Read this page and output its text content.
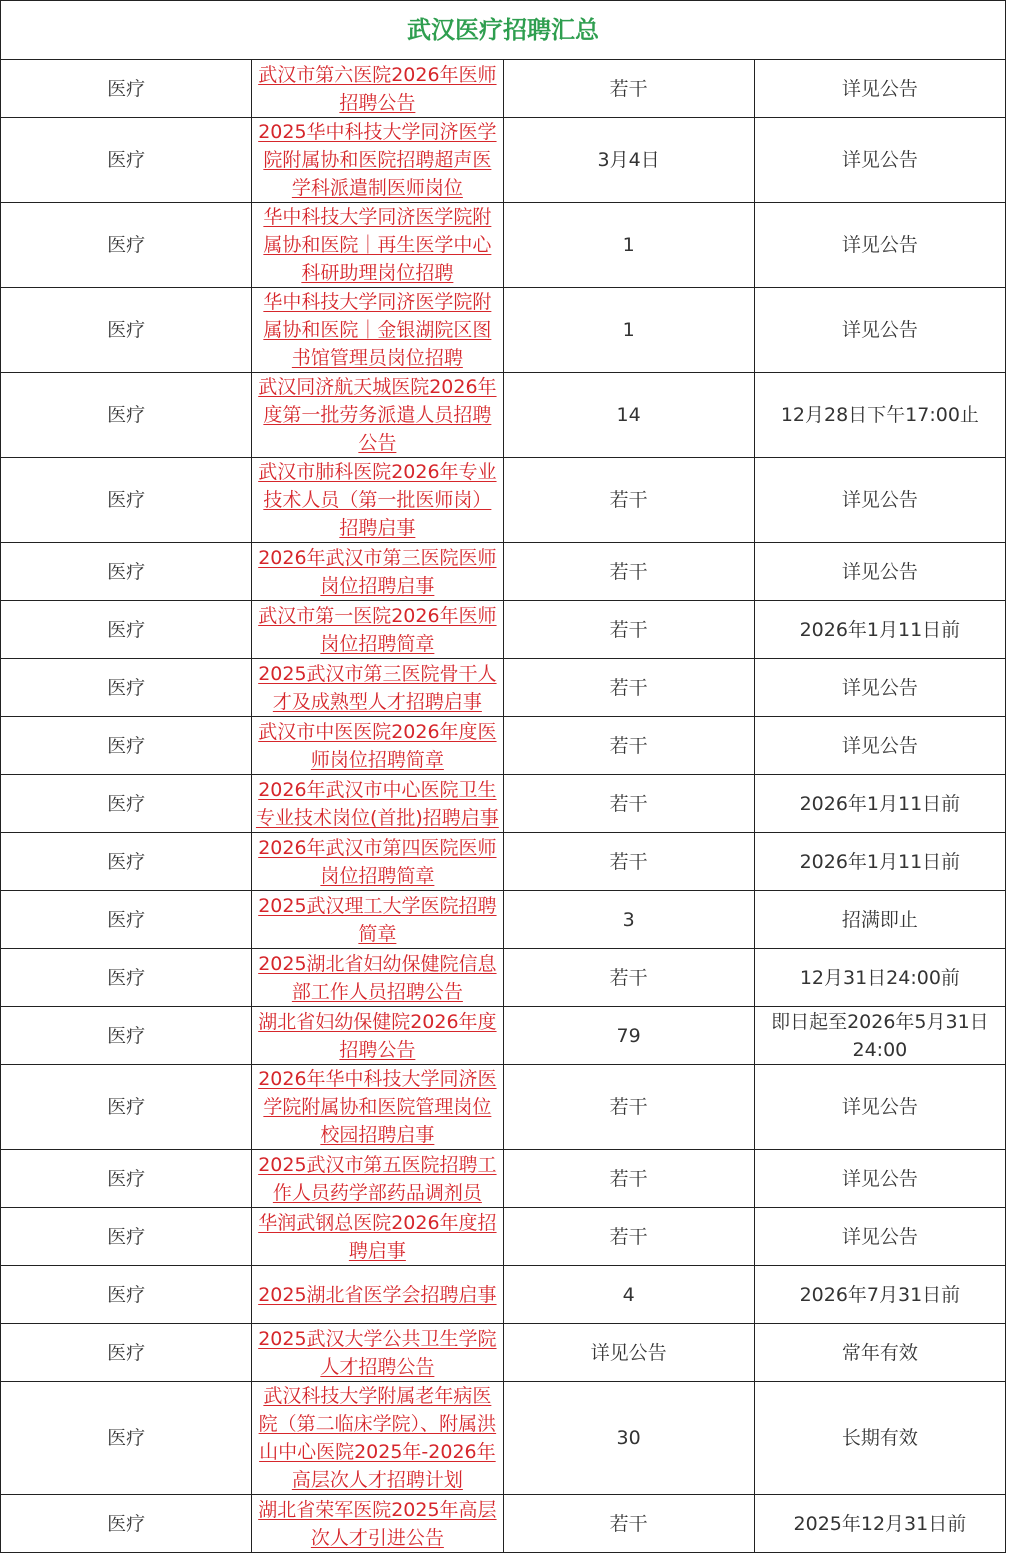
武汉医疗招聘汇总			
医疗	武汉市第六医院2026年医师招聘公告	若干	详见公告
医疗	2025华中科技大学同济医学院附属协和医院招聘超声医学科派遣制医师岗位	3月4日	详见公告
医疗	华中科技大学同济医学院附属协和医院｜再生医学中心科研助理岗位招聘	1	详见公告
医疗	华中科技大学同济医学院附属协和医院｜金银湖院区图书馆管理员岗位招聘	1	详见公告
医疗	武汉同济航天城医院2026年度第一批劳务派遣人员招聘公告	14	12月28日下午17:00止
医疗	武汉市肺科医院2026年专业技术人员（第一批医师岗）招聘启事	若干	详见公告
医疗	2026年武汉市第三医院医师岗位招聘启事	若干	详见公告
医疗	武汉市第一医院2026年医师岗位招聘简章	若干	2026年1月11日前
医疗	2025武汉市第三医院骨干人才及成熟型人才招聘启事	若干	详见公告
医疗	武汉市中医医院2026年度医师岗位招聘简章	若干	详见公告
医疗	2026年武汉市中心医院卫生专业技术岗位(首批)招聘启事	若干	2026年1月11日前
医疗	2026年武汉市第四医院医师岗位招聘简章	若干	2026年1月11日前
医疗	2025武汉理工大学医院招聘简章	3	招满即止
医疗	2025湖北省妇幼保健院信息部工作人员招聘公告	若干	12月31日24:00前
医疗	湖北省妇幼保健院2026年度招聘公告	79	即日起至2026年5月31日24:00
医疗	2026年华中科技大学同济医学院附属协和医院管理岗位校园招聘启事	若干	详见公告
医疗	2025武汉市第五医院招聘工作人员药学部药品调剂员	若干	详见公告
医疗	华润武钢总医院2026年度招聘启事	若干	详见公告
医疗	2025湖北省医学会招聘启事	4	2026年7月31日前
医疗	2025武汉大学公共卫生学院人才招聘公告	详见公告	常年有效
医疗	武汉科技大学附属老年病医院（第二临床学院）、附属洪山中心医院2025年-2026年高层次人才招聘计划	30	长期有效
医疗	湖北省荣军医院2025年高层次人才引进公告	若干	2025年12月31日前
